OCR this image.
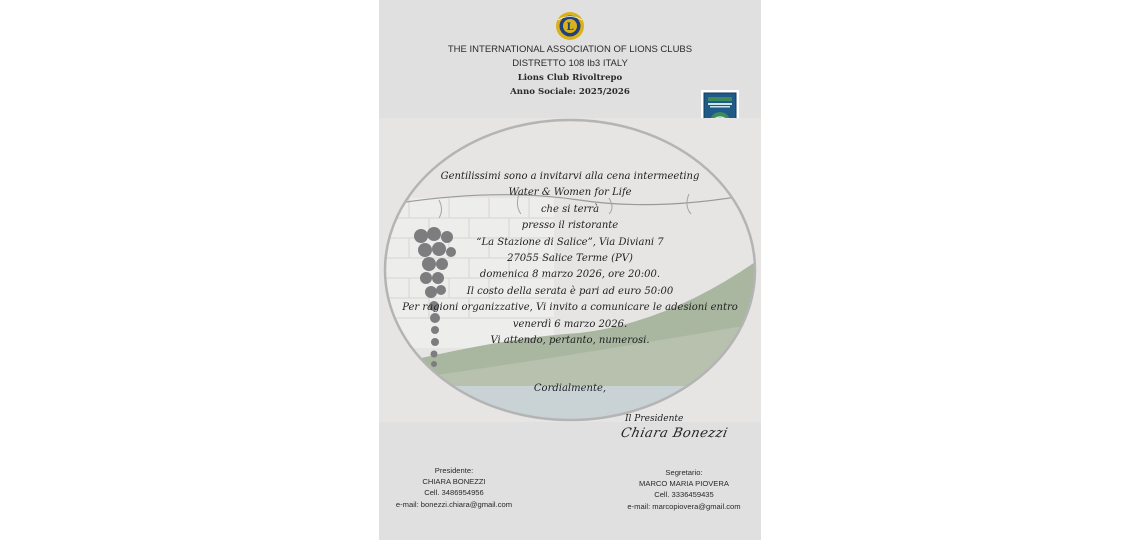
L
THE INTERNATIONAL ASSOCIATION OF LIONS CLUBS
DISTRETTO 108 Ib3 ITALY
Lions Club Rivoltrepo
Anno Sociale: 2025/2026
Gentilissimi sono a invitarvi alla cena intermeeting
Water & Women for Life
che si terrà
presso il ristorante
“La Stazione di Salice”, Via Diviani 7
27055 Salice Terme (PV)
domenica 8 marzo 2026, ore 20:00.
Il costo della serata è pari ad euro 50:00
Per ragioni organizzative, Vi invito a comunicare le adesioni entro
venerdì 6 marzo 2026.
Vi attendo, pertanto, numerosi.
Cordialmente,
Il Presidente
Chiara Bonezzi
Presidente:
CHIARA BONEZZI
Cell. 3486954956
e-mail: bonezzi.chiara@gmail.com
Segretario:
MARCO MARIA PIOVERA
Cell. 3336459435
e-mail: marcopiovera@gmail.com
